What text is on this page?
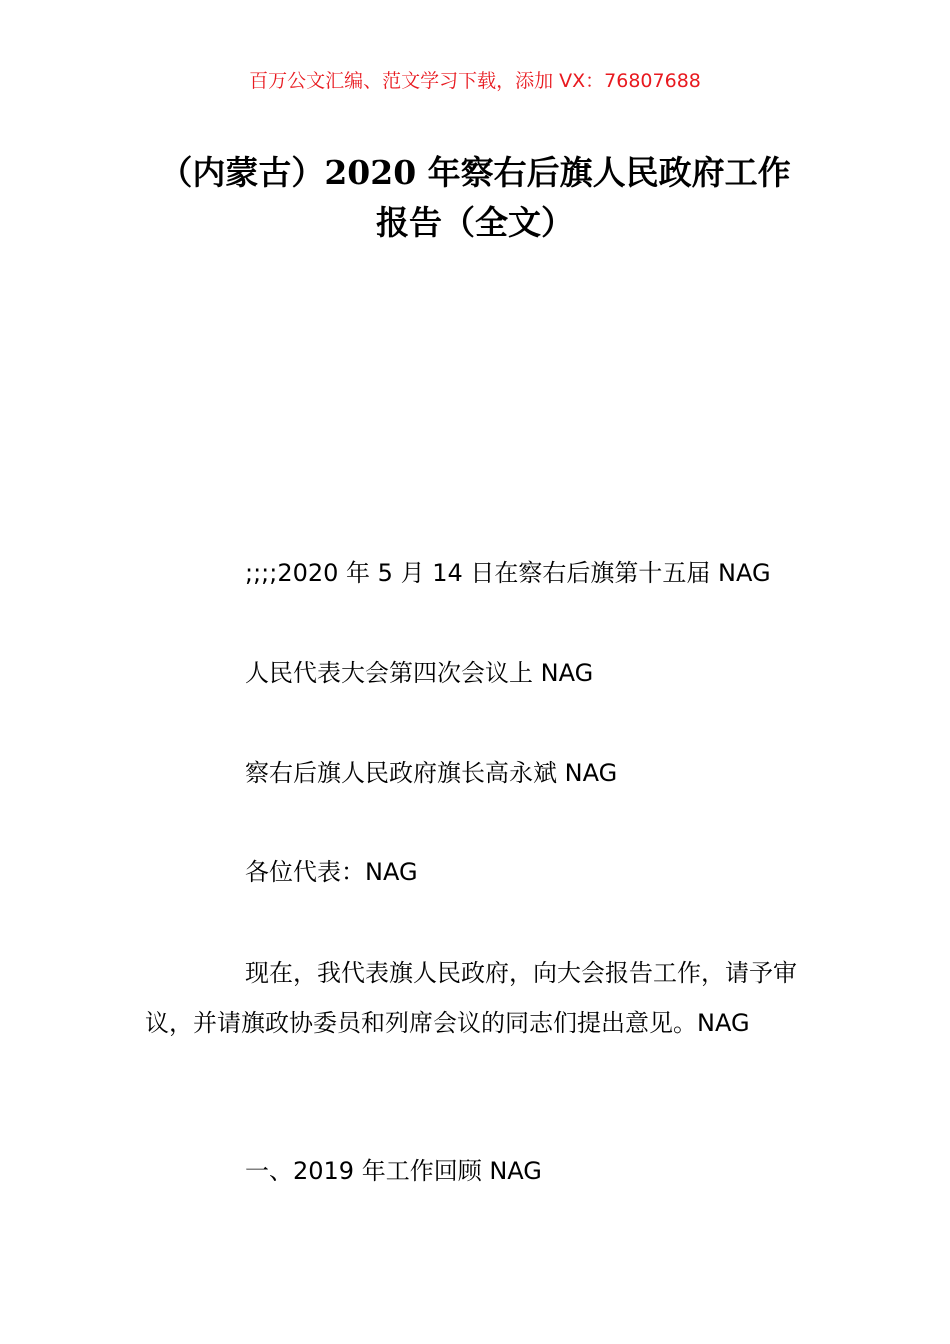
百万公文汇编、范文学习下载，添加 VX：76807688
（内蒙古）2020 年察右后旗人民政府工作
报告（全文）
;;;;2020 年 5 月 14 日在察右后旗第十五届 NAG
人民代表大会第四次会议上 NAG
察右后旗人民政府旗长高永斌 NAG
各位代表：NAG
现在，我代表旗人民政府，向大会报告工作，请予审议，并请旗政协委员和列席会议的同志们提出意见。NAG
一、2019 年工作回顾 NAG
